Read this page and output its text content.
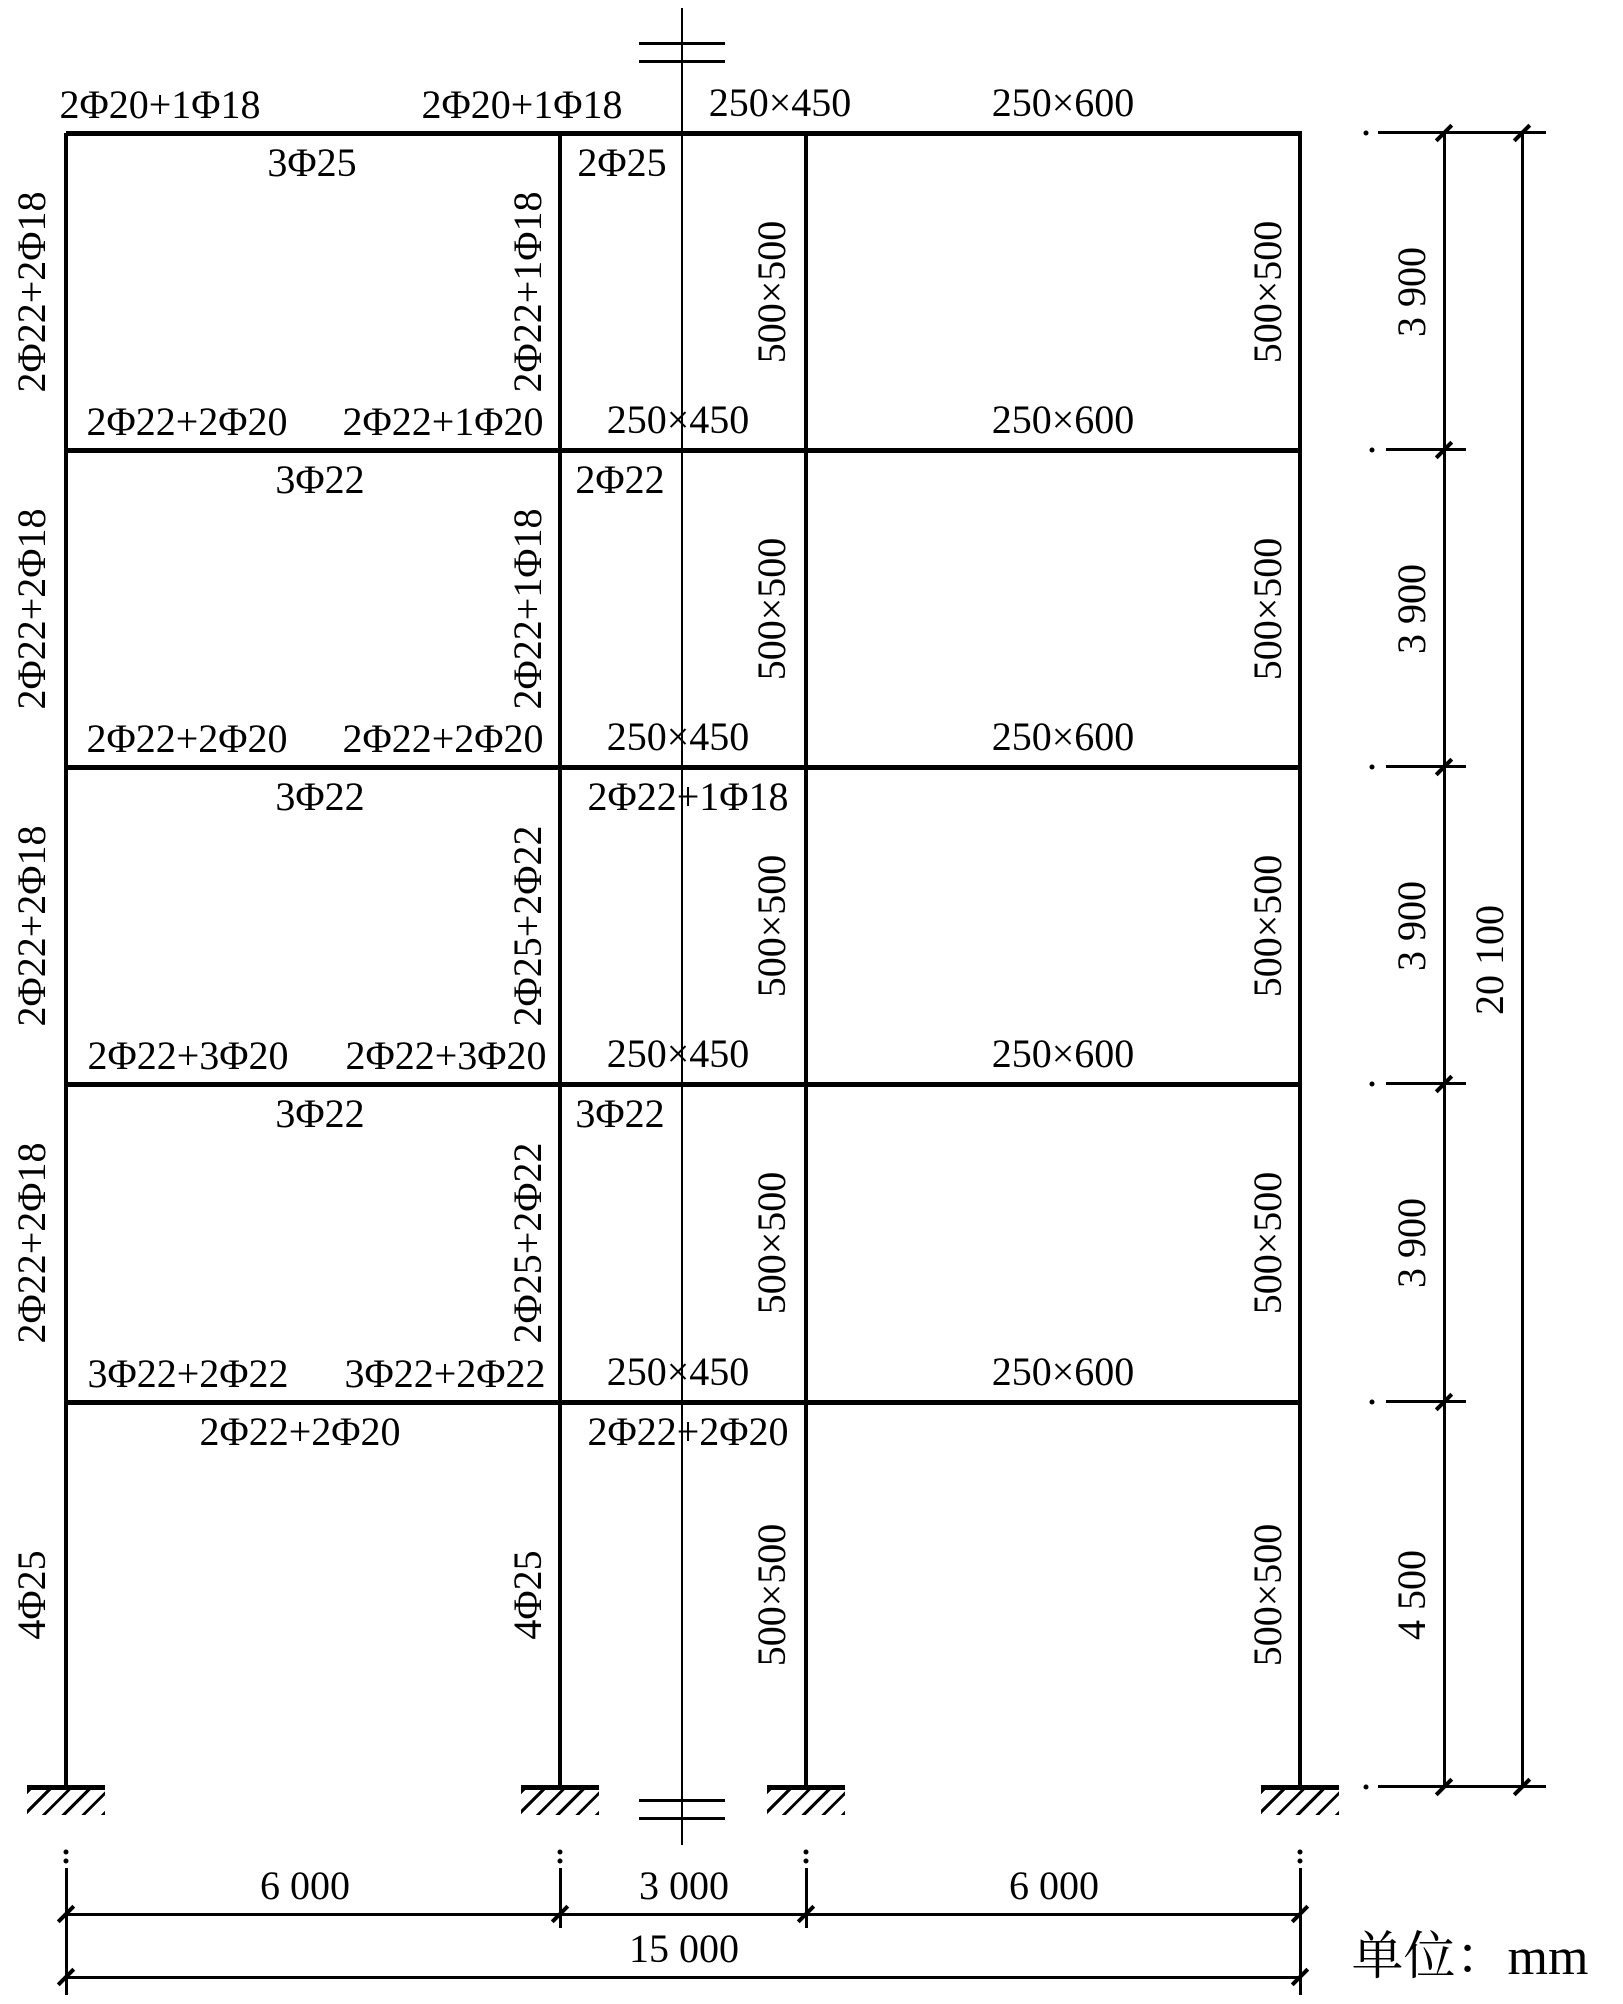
3 900
3 900
3 900
3 900
4 500
20 100
6 000	3 000	6 000
15 000
2Φ20+1Φ18	2Φ20+1Φ18 250×450	250×600
3Φ25	2Φ25
2Φ22+2Φ20 2Φ22+1Φ20 250×450	250×600
3Φ22	2Φ22
2Φ22+2Φ20 2Φ22+2Φ20 250×450	250×600
3Φ22	2Φ22+1Φ18
2Φ22+3Φ20 2Φ22+3Φ20 250×450	250×600
3Φ22	3Φ22
3Φ22+2Φ22 3Φ22+2Φ22 250×450	250×600
2Φ22+2Φ20	2Φ22+2Φ20
2Φ22+2Φ18
2Φ22+2Φ18
2Φ22+2Φ18
2Φ22+2Φ18
4Φ25
2Φ22+1Φ18
2Φ22+1Φ18
2Φ25+2Φ22
2Φ25+2Φ22
4Φ25
500×500
500×500
500×500
500×500
500×500
500×500
500×500
500×500
500×500
500×500
单位：mm
